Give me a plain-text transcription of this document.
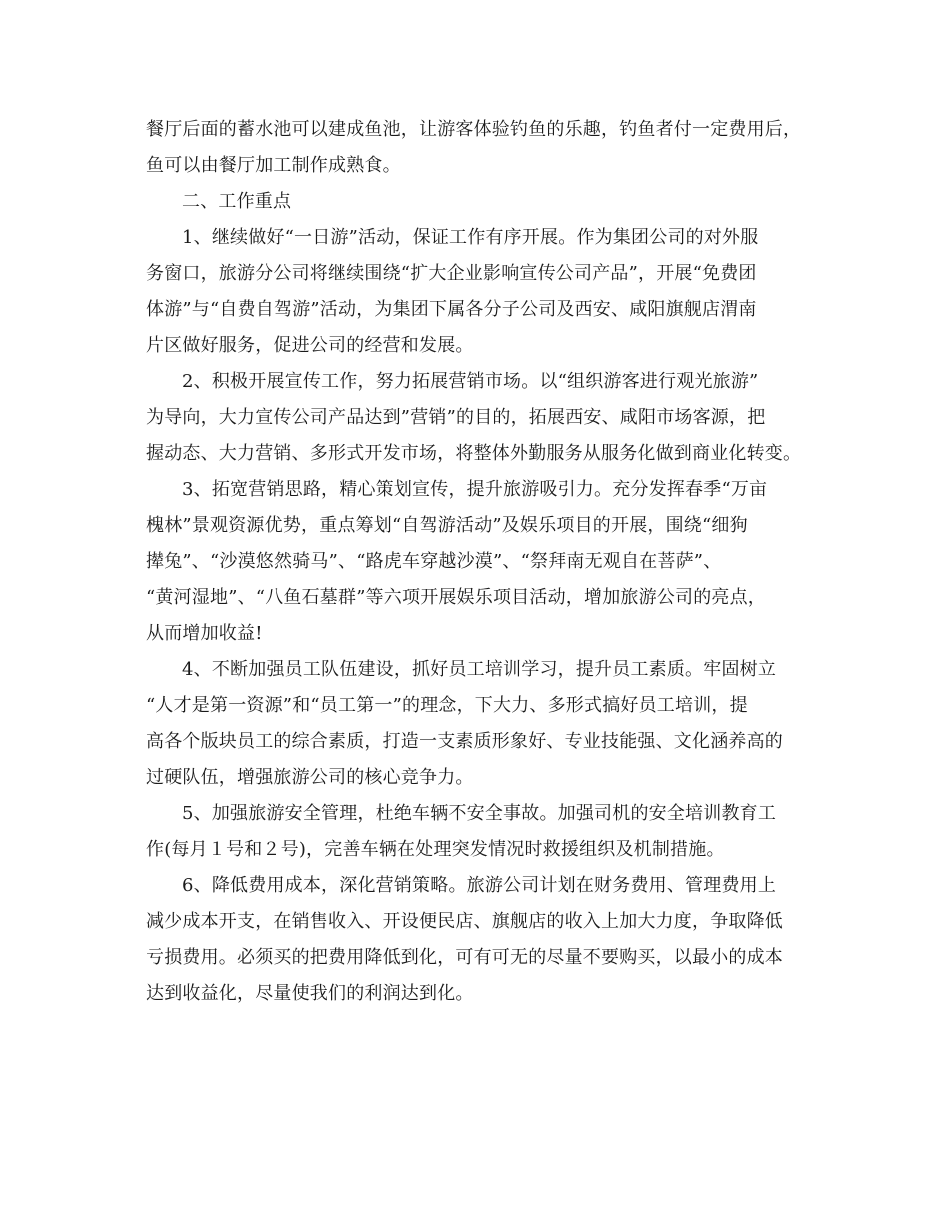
餐厅后面的蓄水池可以建成鱼池，让游客体验钓鱼的乐趣，钓鱼者付一定费用后，
鱼可以由餐厅加工制作成熟食。
二、工作重点
1、继续做好“一日游”活动，保证工作有序开展。作为集团公司的对外服
务窗口，旅游分公司将继续围绕“扩大企业影响宣传公司产品”，开展“免费团
体游”与“自费自驾游”活动，为集团下属各分子公司及西安、咸阳旗舰店渭南
片区做好服务，促进公司的经营和发展。
2、积极开展宣传工作，努力拓展营销市场。以“组织游客进行观光旅游”
为导向，大力宣传公司产品达到”营销”的目的，拓展西安、咸阳市场客源，把
握动态、大力营销、多形式开发市场，将整体外勤服务从服务化做到商业化转变。
3、拓宽营销思路，精心策划宣传，提升旅游吸引力。充分发挥春季“万亩
槐林”景观资源优势，重点筹划“自驾游活动”及娱乐项目的开展，围绕“细狗
撵兔”、“沙漠悠然骑马”、“路虎车穿越沙漠”、“祭拜南无观自在菩萨”、
“黄河湿地”、“八鱼石墓群”等六项开展娱乐项目活动，增加旅游公司的亮点，
从而增加收益!
4、不断加强员工队伍建设，抓好员工培训学习，提升员工素质。牢固树立
“人才是第一资源”和“员工第一”的理念，下大力、多形式搞好员工培训，提
高各个版块员工的综合素质，打造一支素质形象好、专业技能强、文化涵养高的
过硬队伍，增强旅游公司的核心竞争力。
5、加强旅游安全管理，杜绝车辆不安全事故。加强司机的安全培训教育工
作(每月１号和２号)，完善车辆在处理突发情况时救援组织及机制措施。
6、降低费用成本，深化营销策略。旅游公司计划在财务费用、管理费用上
减少成本开支，在销售收入、开设便民店、旗舰店的收入上加大力度，争取降低
亏损费用。必须买的把费用降低到化，可有可无的尽量不要购买，以最小的成本
达到收益化，尽量使我们的利润达到化。
